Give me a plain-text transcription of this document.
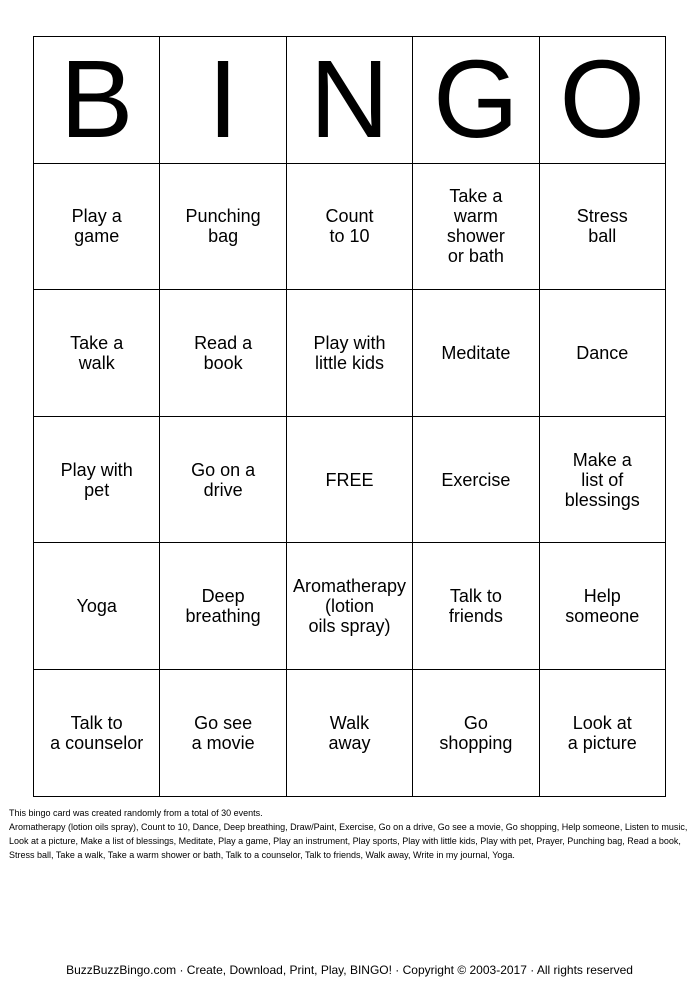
B	I	N	G	O

Play a
game	Punching
bag	Count
to 10	Take a
warm
shower
or bath	Stress
ball

Take a
walk	Read a
book	Play with
little kids	Meditate	Dance

Play with
pet	Go on a
drive	FREE	Exercise	Make a
list of
blessings

Yoga	Deep
breathing	Aromatherapy
(lotion
oils spray)	Talk to
friends	Help
someone

Talk to
a counselor	Go see
a movie	Walk
away	Go
shopping	Look at
a picture
This bingo card was created randomly from a total of 30 events.
Aromatherapy (lotion oils spray), Count to 10, Dance, Deep breathing, Draw/Paint, Exercise, Go on a drive, Go see a movie, Go shopping, Help someone, Listen to music, Look at a picture, Make a list of blessings, Meditate, Play a game, Play an instrument, Play sports, Play with little kids, Play with pet, Prayer, Punching bag, Read a book, Stress ball, Take a walk, Take a warm shower or bath, Talk to a counselor, Talk to friends, Walk away, Write in my journal, Yoga.
BuzzBuzzBingo.com · Create, Download, Print, Play, BINGO! · Copyright © 2003-2017 · All rights reserved
